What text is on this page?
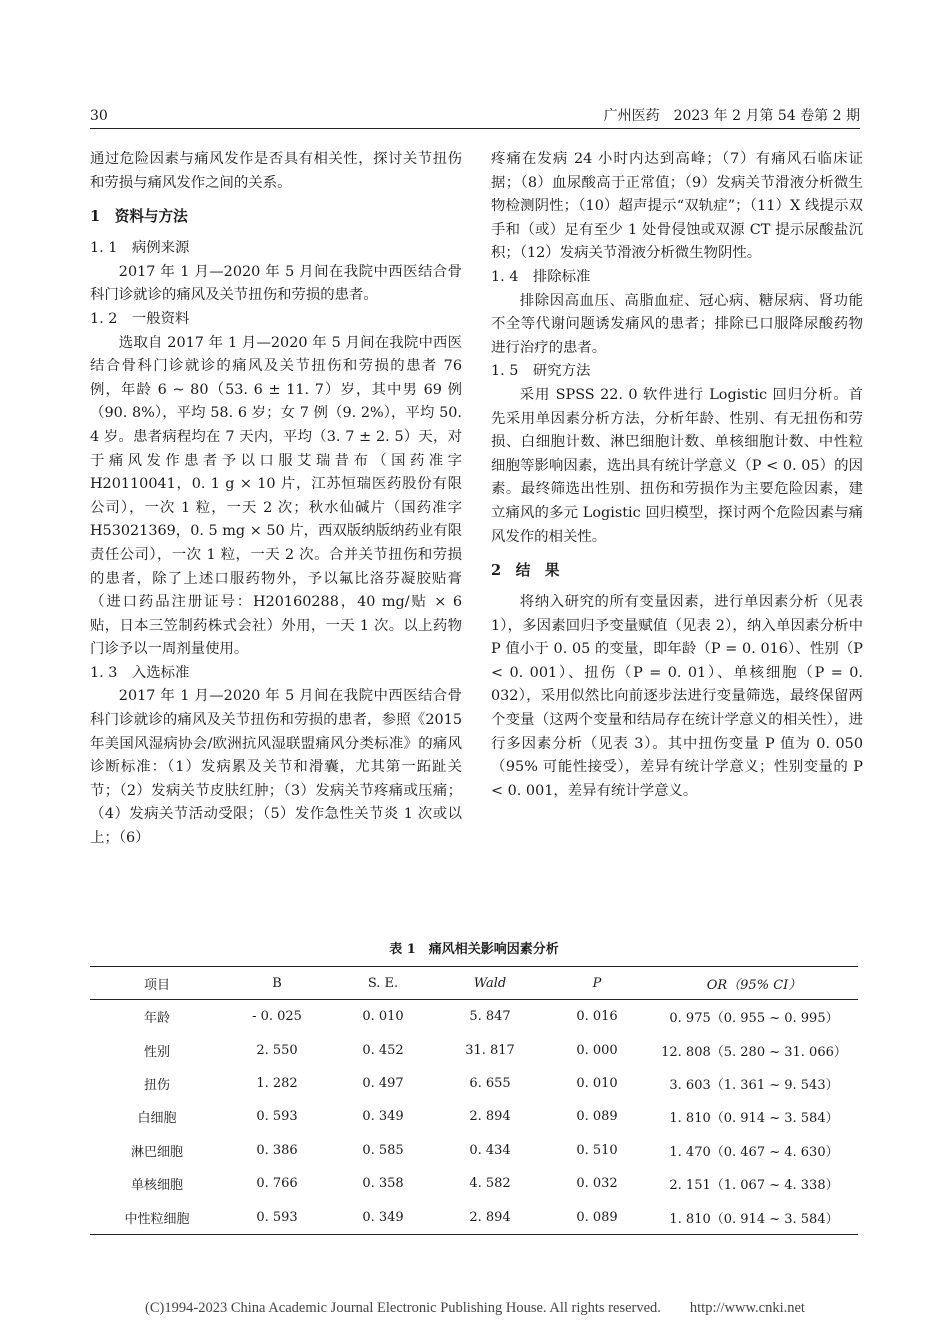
30	广州医药　2023 年 2 月第 54 卷第 2 期

通过危险因素与痛风发作是否具有相关性，探讨关节扭伤和劳损与痛风发作之间的关系。

1　资料与方法
1. 1　病例来源

2017 年 1 月—2020 年 5 月间在我院中西医结合骨科门诊就诊的痛风及关节扭伤和劳损的患者。

1. 2　一般资料

选取自 2017 年 1 月—2020 年 5 月间在我院中西医结合骨科门诊就诊的痛风及关节扭伤和劳损的患者 76 例，年龄 6 ~ 80（53. 6 ± 11. 7）岁，其中男 69 例（90. 8%），平均 58. 6 岁；女 7 例（9. 2%），平均 50. 4 岁。患者病程均在 7 天内，平均（3. 7 ± 2. 5）天，对于痛风发作患者予以口服艾瑞昔布（国药准字 H20110041，0. 1 g × 10 片，江苏恒瑞医药股份有限公司），一次 1 粒，一天 2 次；秋水仙碱片（国药准字 H53021369，0. 5 mg × 50 片，西双版纳版纳药业有限责任公司），一次 1 粒，一天 2 次。合并关节扭伤和劳损的患者，除了上述口服药物外，予以氟比洛芬凝胶贴膏（进口药品注册证号：H20160288，40 mg/贴 × 6 贴，日本三笠制药株式会社）外用，一天 1 次。以上药物门诊予以一周剂量使用。

1. 3　入选标准

2017 年 1 月—2020 年 5 月间在我院中西医结合骨科门诊就诊的痛风及关节扭伤和劳损的患者，参照《2015 年美国风湿病协会/欧洲抗风湿联盟痛风分类标准》的痛风诊断标准：（1）发病累及关节和滑囊，尤其第一跖趾关节；（2）发病关节皮肤红肿；（3）发病关节疼痛或压痛；（4）发病关节活动受限；（5）发作急性关节炎 1 次或以上；（6）

疼痛在发病 24 小时内达到高峰；（7）有痛风石临床证据；（8）血尿酸高于正常值；（9）发病关节滑液分析微生物检测阴性；（10）超声提示“双轨症”；（11）X 线提示双手和（或）足有至少 1 处骨侵蚀或双源 CT 提示尿酸盐沉积；（12）发病关节滑液分析微生物阴性。

1. 4　排除标准

排除因高血压、高脂血症、冠心病、糖尿病、肾功能不全等代谢问题诱发痛风的患者；排除已口服降尿酸药物进行治疗的患者。

1. 5　研究方法

采用 SPSS 22. 0 软件进行 Logistic 回归分析。首先采用单因素分析方法，分析年龄、性别、有无扭伤和劳损、白细胞计数、淋巴细胞计数、单核细胞计数、中性粒细胞等影响因素，选出具有统计学意义（P < 0. 05）的因素。最终筛选出性别、扭伤和劳损作为主要危险因素，建立痛风的多元 Logistic 回归模型，探讨两个危险因素与痛风发作的相关性。

2　结　果

将纳入研究的所有变量因素，进行单因素分析（见表 1），多因素回归予变量赋值（见表 2），纳入单因素分析中 P 值小于 0. 05 的变量，即年龄（P = 0. 016）、性别（P < 0. 001）、扭伤（P = 0. 01）、单核细胞（P = 0. 032），采用似然比向前逐步法进行变量筛选，最终保留两个变量（这两个变量和结局存在统计学意义的相关性），进行多因素分析（见表 3）。其中扭伤变量 P 值为 0. 050（95% 可能性接受），差异有统计学意义；性别变量的 P < 0. 001，差异有统计学意义。

表 1　痛风相关影响因素分析
项目	B	S. E.	Wald	P	OR（95% CI）
年龄	- 0. 025	0. 010	5. 847	0. 016	0. 975（0. 955 ~ 0. 995）
性别	2. 550	0. 452	31. 817	0. 000	12. 808（5. 280 ~ 31. 066）
扭伤	1. 282	0. 497	6. 655	0. 010	3. 603（1. 361 ~ 9. 543）
白细胞	0. 593	0. 349	2. 894	0. 089	1. 810（0. 914 ~ 3. 584）
淋巴细胞	0. 386	0. 585	0. 434	0. 510	1. 470（0. 467 ~ 4. 630）
单核细胞	0. 766	0. 358	4. 582	0. 032	2. 151（1. 067 ~ 4. 338）
中性粒细胞	0. 593	0. 349	2. 894	0. 089	1. 810（0. 914 ~ 3. 584）
(C)1994-2023 China Academic Journal Electronic Publishing House. All rights reserved.　　http://www.cnki.net
